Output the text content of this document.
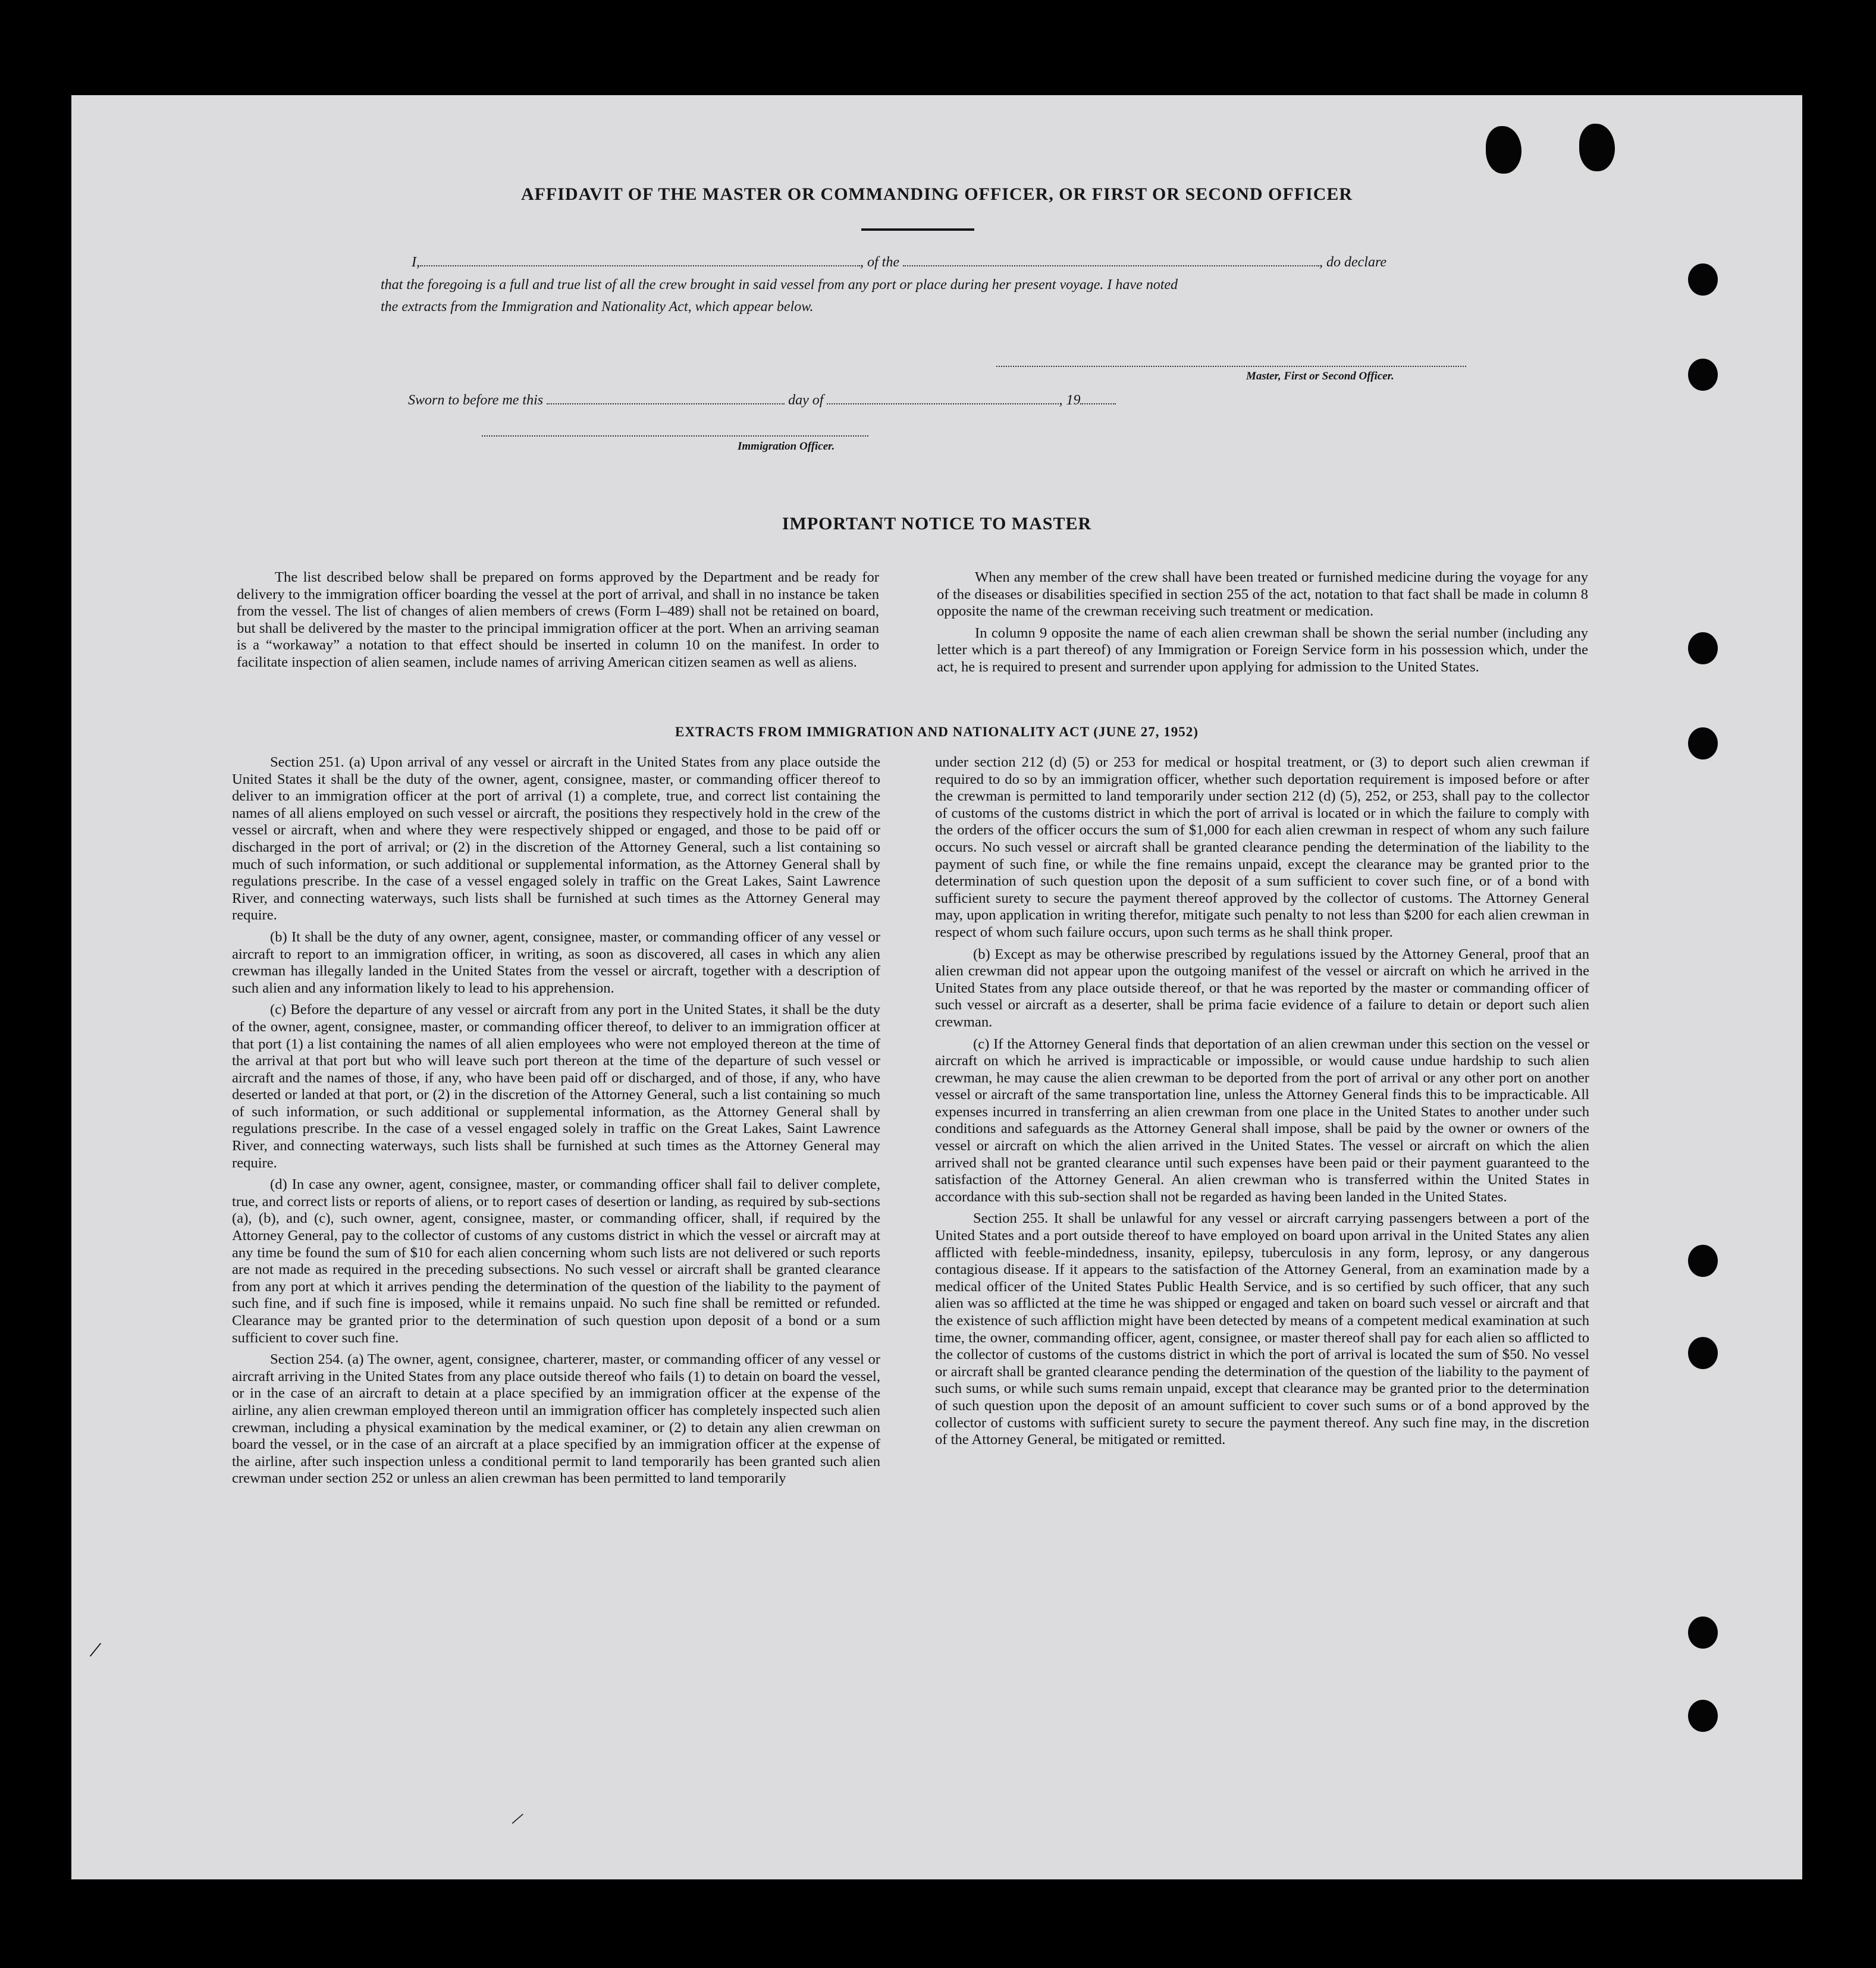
AFFIDAVIT OF THE MASTER OR COMMANDING OFFICER, OR FIRST OR SECOND OFFICER
I,	, of the	, do declare
that the foregoing is a full and true list of all the crew brought in said vessel from any port or place during her present voyage. I have noted
the extracts from the Immigration and Nationality Act, which appear below.
Master, First or Second Officer.
Sworn to before me this	day of	, 19
Immigration Officer.
IMPORTANT NOTICE TO MASTER

The list described below shall be prepared on forms approved by the Department and be ready for delivery to the immigration officer boarding the vessel at the port of arrival, and shall in no instance be taken from the vessel. The list of changes of alien members of crews (Form I–489) shall not be retained on board, but shall be delivered by the master to the principal immigration officer at the port. When an arriving seaman is a “workaway” a notation to that effect should be inserted in column 10 on the manifest. In order to facilitate inspection of alien seamen, include names of arriving American citizen seamen as well as aliens.

When any member of the crew shall have been treated or furnished medicine during the voyage for any of the diseases or disabilities specified in section 255 of the act, notation to that fact shall be made in column 8 opposite the name of the crewman receiving such treatment or medication.

In column 9 opposite the name of each alien crewman shall be shown the serial number (including any letter which is a part thereof) of any Immigration or Foreign Service form in his possession which, under the act, he is required to present and surrender upon applying for admission to the United States.

EXTRACTS FROM IMMIGRATION AND NATIONALITY ACT (JUNE 27, 1952)

Section 251. (a) Upon arrival of any vessel or aircraft in the United States from any place outside the United States it shall be the duty of the owner, agent, consignee, master, or commanding officer thereof to deliver to an immigration officer at the port of arrival (1) a complete, true, and correct list containing the names of all aliens employed on such vessel or aircraft, the positions they respectively hold in the crew of the vessel or aircraft, when and where they were respectively shipped or engaged, and those to be paid off or discharged in the port of arrival; or (2) in the discretion of the Attorney General, such a list containing so much of such information, or such additional or supplemental information, as the Attorney General shall by regulations prescribe. In the case of a vessel engaged solely in traffic on the Great Lakes, Saint Lawrence River, and connecting waterways, such lists shall be furnished at such times as the Attorney General may require.

(b) It shall be the duty of any owner, agent, consignee, master, or commanding officer of any vessel or aircraft to report to an immigration officer, in writing, as soon as discovered, all cases in which any alien crewman has illegally landed in the United States from the vessel or aircraft, together with a description of such alien and any information likely to lead to his apprehension.

(c) Before the departure of any vessel or aircraft from any port in the United States, it shall be the duty of the owner, agent, consignee, master, or commanding officer thereof, to deliver to an immigration officer at that port (1) a list containing the names of all alien employees who were not employed thereon at the time of the arrival at that port but who will leave such port thereon at the time of the departure of such vessel or aircraft and the names of those, if any, who have been paid off or discharged, and of those, if any, who have deserted or landed at that port, or (2) in the discretion of the Attorney General, such a list containing so much of such information, or such additional or supplemental information, as the Attorney General shall by regulations prescribe. In the case of a vessel engaged solely in traffic on the Great Lakes, Saint Lawrence River, and connecting waterways, such lists shall be furnished at such times as the Attorney General may require.

(d) In case any owner, agent, consignee, master, or commanding officer shall fail to deliver complete, true, and correct lists or reports of aliens, or to report cases of desertion or landing, as required by sub-sections (a), (b), and (c), such owner, agent, consignee, master, or commanding officer, shall, if required by the Attorney General, pay to the collector of customs of any customs district in which the vessel or aircraft may at any time be found the sum of $10 for each alien concerning whom such lists are not delivered or such reports are not made as required in the preceding subsections. No such vessel or aircraft shall be granted clearance from any port at which it arrives pending the determination of the question of the liability to the payment of such fine, and if such fine is imposed, while it remains unpaid. No such fine shall be remitted or refunded. Clearance may be granted prior to the determination of such question upon deposit of a bond or a sum sufficient to cover such fine.

Section 254. (a) The owner, agent, consignee, charterer, master, or commanding officer of any vessel or aircraft arriving in the United States from any place outside thereof who fails (1) to detain on board the vessel, or in the case of an aircraft to detain at a place specified by an immigration officer at the expense of the airline, any alien crewman employed thereon until an immigration officer has completely inspected such alien crewman, including a physical examination by the medical examiner, or (2) to detain any alien crewman on board the vessel, or in the case of an aircraft at a place specified by an immigration officer at the expense of the airline, after such inspection unless a conditional permit to land temporarily has been granted such alien crewman under section 252 or unless an alien crewman has been permitted to land temporarily

under section 212 (d) (5) or 253 for medical or hospital treatment, or (3) to deport such alien crewman if required to do so by an immigration officer, whether such deportation requirement is imposed before or after the crewman is permitted to land temporarily under section 212 (d) (5), 252, or 253, shall pay to the collector of customs of the customs district in which the port of arrival is located or in which the failure to comply with the orders of the officer occurs the sum of $1,000 for each alien crewman in respect of whom any such failure occurs. No such vessel or aircraft shall be granted clearance pending the determination of the liability to the payment of such fine, or while the fine remains unpaid, except the clearance may be granted prior to the determination of such question upon the deposit of a sum sufficient to cover such fine, or of a bond with sufficient surety to secure the payment thereof approved by the collector of customs. The Attorney General may, upon application in writing therefor, mitigate such penalty to not less than $200 for each alien crewman in respect of whom such failure occurs, upon such terms as he shall think proper.

(b) Except as may be otherwise prescribed by regulations issued by the Attorney General, proof that an alien crewman did not appear upon the outgoing manifest of the vessel or aircraft on which he arrived in the United States from any place outside thereof, or that he was reported by the master or commanding officer of such vessel or aircraft as a deserter, shall be prima facie evidence of a failure to detain or deport such alien crewman.

(c) If the Attorney General finds that deportation of an alien crewman under this section on the vessel or aircraft on which he arrived is impracticable or impossible, or would cause undue hardship to such alien crewman, he may cause the alien crewman to be deported from the port of arrival or any other port on another vessel or aircraft of the same transportation line, unless the Attorney General finds this to be impracticable. All expenses incurred in transferring an alien crewman from one place in the United States to another under such conditions and safeguards as the Attorney General shall impose, shall be paid by the owner or owners of the vessel or aircraft on which the alien arrived in the United States. The vessel or aircraft on which the alien arrived shall not be granted clearance until such expenses have been paid or their payment guaranteed to the satisfaction of the Attorney General. An alien crewman who is transferred within the United States in accordance with this sub-section shall not be regarded as having been landed in the United States.

Section 255. It shall be unlawful for any vessel or aircraft carrying passengers between a port of the United States and a port outside thereof to have employed on board upon arrival in the United States any alien afflicted with feeble-mindedness, insanity, epilepsy, tuberculosis in any form, leprosy, or any dangerous contagious disease. If it appears to the satisfaction of the Attorney General, from an examination made by a medical officer of the United States Public Health Service, and is so certified by such officer, that any such alien was so afflicted at the time he was shipped or engaged and taken on board such vessel or aircraft and that the existence of such affliction might have been detected by means of a competent medical examination at such time, the owner, commanding officer, agent, consignee, or master thereof shall pay for each alien so afflicted to the collector of customs of the customs district in which the port of arrival is located the sum of $50. No vessel or aircraft shall be granted clearance pending the determination of the question of the liability to the payment of such sums, or while such sums remain unpaid, except that clearance may be granted prior to the determination of such question upon the deposit of an amount sufficient to cover such sums or of a bond approved by the collector of customs with sufficient surety to secure the payment thereof. Any such fine may, in the discretion of the Attorney General, be mitigated or remitted.

/
/
